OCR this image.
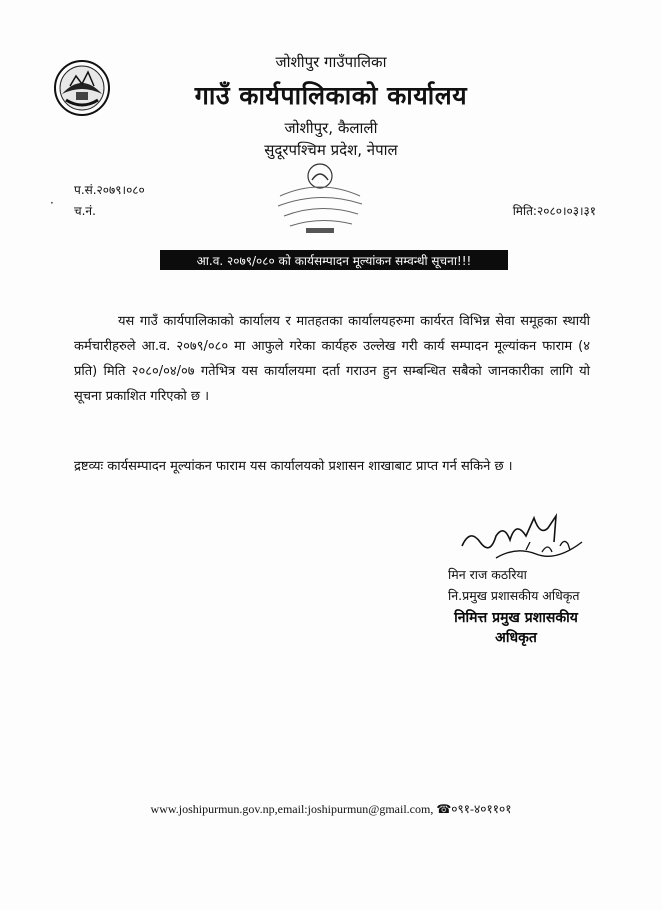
जोशीपुर गाउँपालिका
गाउँ कार्यपालिकाको कार्यालय
जोशीपुर, कैलाली
सुदूरपश्चिम प्रदेश, नेपाल
·
प.सं.२०७९।०८०
च.नं.	मिति:२०८०।०३।३१
आ.व. २०७९/०८० को कार्यसम्पादन मूल्यांकन सम्वन्धी सूचना!!!

यस गाउँ कार्यपालिकाको कार्यालय र मातहतका कार्यालयहरुमा कार्यरत विभिन्न सेवा समूहका स्थायी कर्मचारीहरुले आ.व. २०७९/०८० मा आफुले गरेका कार्यहरु उल्लेख गरी कार्य सम्पादन मूल्यांकन फाराम (४ प्रति) मिति २०८०/०४/०७ गतेभित्र यस कार्यालयमा दर्ता गराउन हुन सम्बन्धित सबैको जानकारीका लागि यो सूचना प्रकाशित गरिएको छ ।

द्रष्टव्यः कार्यसम्पादन मूल्यांकन फाराम यस कार्यालयको प्रशासन शाखाबाट प्राप्त गर्न सकिने छ ।
मिन राज कठरिया
नि.प्रमुख प्रशासकीय अधिकृत
निमित्त प्रमुख प्रशासकीय
अधिकृत
www.joshipurmun.gov.np,email:joshipurmun@gmail.com, ☎०९१-४०११०१
